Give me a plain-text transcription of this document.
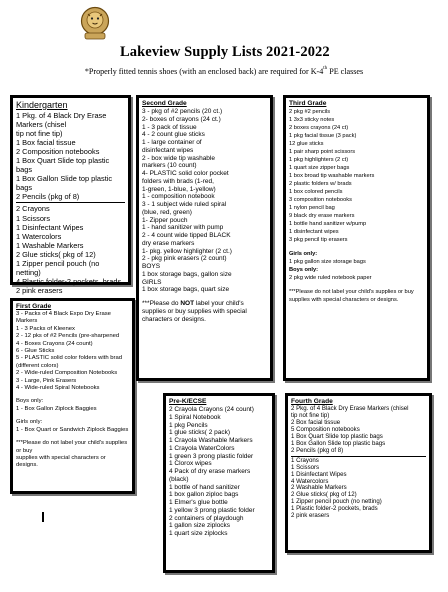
Lakeview Supply Lists 2021-2022
*Properly fitted tennis shoes (with an enclosed back) are required for K-4th PE classes
Kindergarten
1 Pkg. of 4 Black Dry Erase Markers (chisel
tip not fine tip)
1 Box facial tissue
2 Composition notebooks
1 Box Quart Slide top plastic bags
1 Box Gallon Slide top plastic bags
2 Pencils (pkg of 8)
2 Crayons
1 Scissors
1 Disinfectant Wipes
1 Watercolors
1 Washable Markers
2 Glue sticks( pkg of 12)
1 Zipper pencil pouch (no netting)
4 Plastic folder-2 pockets, brads
2 pink erasers
First Grade
3 - Packs of 4 Black Expo Dry Erase Markers
1 - 3 Packs of Kleenex
2 - 12 pks of #2 Pencils (pre-sharpened
4 - Boxes Crayons (24 count)
6 - Glue Sticks
5 - PLASTIC solid color folders with brad
(different colors)
2 - Wide-ruled Composition Notebooks
3 - Large, Pink Erasers
4 - Wide-ruled Spiral Notebooks
Boys only:
1 - Box Gallon Ziplock Baggies
Girls only:
1 - Box Quart or Sandwich Ziplock Baggies
***Please do not label your child's supplies or buy
supplies with special characters or designs.
Second Grade
3 - pkg of #2 pencils (20 ct.)
2- boxes of crayons (24 ct.)
1 - 3 pack of tissue
4 - 2 count glue sticks
1 - large container of
disinfectant wipes
2 - box wide tip washable
markers (10 count)
4- PLASTIC solid color pocket
folders with brads (1-red,
1-green, 1-blue, 1-yellow)
1 - composition notebook
3 - 1 subject wide ruled spiral
(blue, red, green)
1- Zipper pouch
1 - hand sanitizer with pump
2 - 4 count wide tipped BLACK
dry erase markers
1- pkg. yellow highlighter (2 ct.)
2 - pkg pink erasers (2 count)
BOYS
1 box storage bags, gallon size
GIRLS
1 box storage bags, quart size
***Please do NOT label your child's
supplies or buy supplies with special
characters or designs.
Third Grade
2 pkg #2 pencils
1 3x3 sticky notes
2 boxes crayons (24 ct)
1 pkg facial tissue (3 pack)
12 glue sticks
1 pair sharp point scissors
1 pkg highlighters (2 ct)
1 quart size zipper bags
1 box broad tip washable markers
2 plastic folders w/ brads
1 box colored pencils
3 composition notebooks
1 nylon pencil bag
9 black dry erase markers
1 bottle hand sanitizer w/pump
1 disinfectant wipes
3 pkg pencil tip erasers
Girls only:
1 pkg gallon size storage bags
Boys only:
2 pkg wide ruled notebook paper
***Please do not label your child's supplies or buy
supplies with special characters or designs.
Pre-K/ECSE
2 Crayola Crayons (24 count)
1 Spiral Notebook
1 pkg Pencils
1 glue sticks( 2 pack)
1 Crayola Washable Markers
1 Crayola WaterColors
1 green 3 prong plastic folder
1 Clorox wipes
4 Pack of dry erase markers
(black)
1 bottle of hand sanitizer
1 box gallon ziploc bags
1 Elmer's glue bottle
1 yellow 3 prong plastic folder
2 containers of playdough
1 gallon size ziplocks
1 quart size ziplocks
Fourth Grade
2 Pkg. of 4 Black Dry Erase Markers (chisel
tip not fine tip)
2 Box facial tissue
5 Composition notebooks
1 Box Quart Slide top plastic bags
1 Box Gallon Slide top plastic bags
2 Pencils (pkg of 8)
1 Crayons
1 Scissors
1 Disinfectant Wipes
4 Watercolors
2 Washable Markers
2 Glue sticks( pkg of 12)
1 Zipper pencil pouch (no netting)
1 Plastic folder-2 pockets, brads
2 pink erasers
